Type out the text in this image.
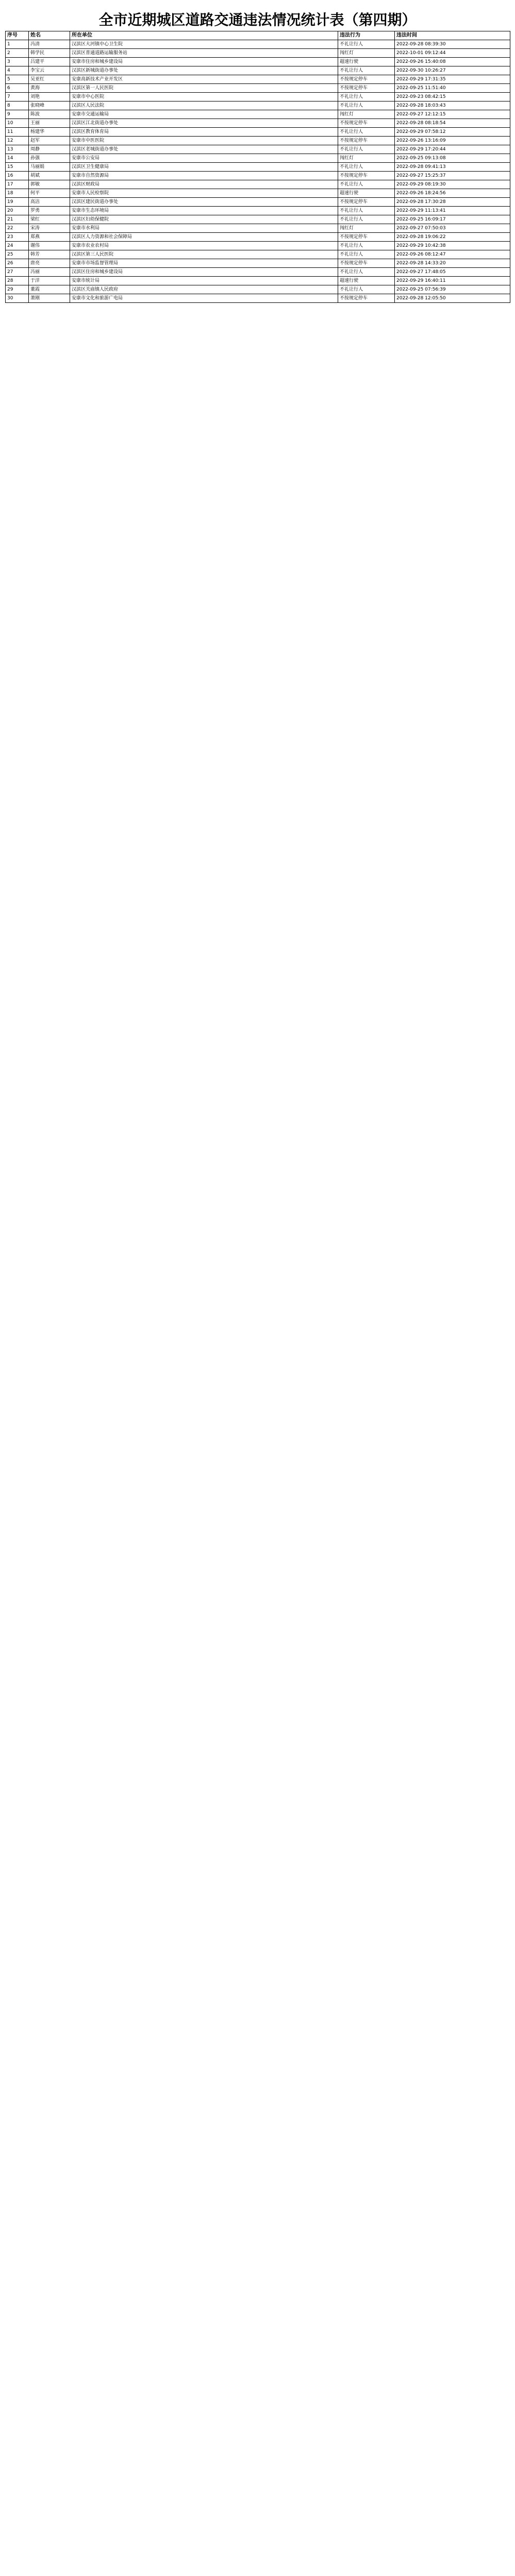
全市近期城区道路交通违法情况统计表（第四期）
序号	姓名	所在单位	违法行为	违法时间
1	冯清	汉滨区大河镇中心卫生院	不礼让行人	2022-09-28 08:39:30
2	韩学民	汉滨区普通道路运输服务站	闯红灯	2022-10-01 09:12:44
3	吕建平	安康市住房和城乡建设局	超速行驶	2022-09-26 15:40:08
4	李宝云	汉滨区新城街道办事处	不礼让行人	2022-09-30 10:26:27
5	吴亚红	安康高新技术产业开发区	不按规定停车	2022-09-29 17:31:35
6	黄海	汉滨区第一人民医院	不按规定停车	2022-09-25 11:51:40
7	刘艳	安康市中心医院	不礼让行人	2022-09-23 08:42:15
8	张晓峰	汉滨区人民法院	不礼让行人	2022-09-28 18:03:43
9	陈波	安康市交通运输局	闯红灯	2022-09-27 12:12:15
10	王丽	汉滨区江北街道办事处	不按规定停车	2022-09-28 08:18:54
11	杨建华	汉滨区教育体育局	不礼让行人	2022-09-29 07:58:12
12	赵军	安康市中医医院	不按规定停车	2022-09-26 13:16:09
13	周静	汉滨区老城街道办事处	不礼让行人	2022-09-29 17:20:44
14	孙强	安康市公安局	闯红灯	2022-09-25 09:13:08
15	马丽娟	汉滨区卫生健康局	不礼让行人	2022-09-28 09:41:13
16	胡斌	安康市自然资源局	不按规定停车	2022-09-27 15:25:37
17	郭敏	汉滨区财政局	不礼让行人	2022-09-29 08:19:30
18	何平	安康市人民检察院	超速行驶	2022-09-26 18:24:56
19	高洁	汉滨区建民街道办事处	不按规定停车	2022-09-28 17:30:28
20	罗勇	安康市生态环境局	不礼让行人	2022-09-29 11:13:41
21	梁红	汉滨区妇幼保健院	不礼让行人	2022-09-25 16:09:17
22	宋涛	安康市水利局	闯红灯	2022-09-27 07:50:03
23	郑燕	汉滨区人力资源和社会保障局	不按规定停车	2022-09-28 19:06:22
24	谢伟	安康市农业农村局	不礼让行人	2022-09-29 10:42:38
25	韩芳	汉滨区第三人民医院	不礼让行人	2022-09-26 08:12:47
26	唐亮	安康市市场监督管理局	不按规定停车	2022-09-28 14:33:20
27	冯丽	汉滨区住房和城乡建设局	不礼让行人	2022-09-27 17:48:05
28	于洋	安康市统计局	超速行驶	2022-09-29 16:40:11
29	董霞	汉滨区关庙镇人民政府	不礼让行人	2022-09-25 07:56:39
30	萧刚	安康市文化和旅游广电局	不按规定停车	2022-09-28 12:05:50
